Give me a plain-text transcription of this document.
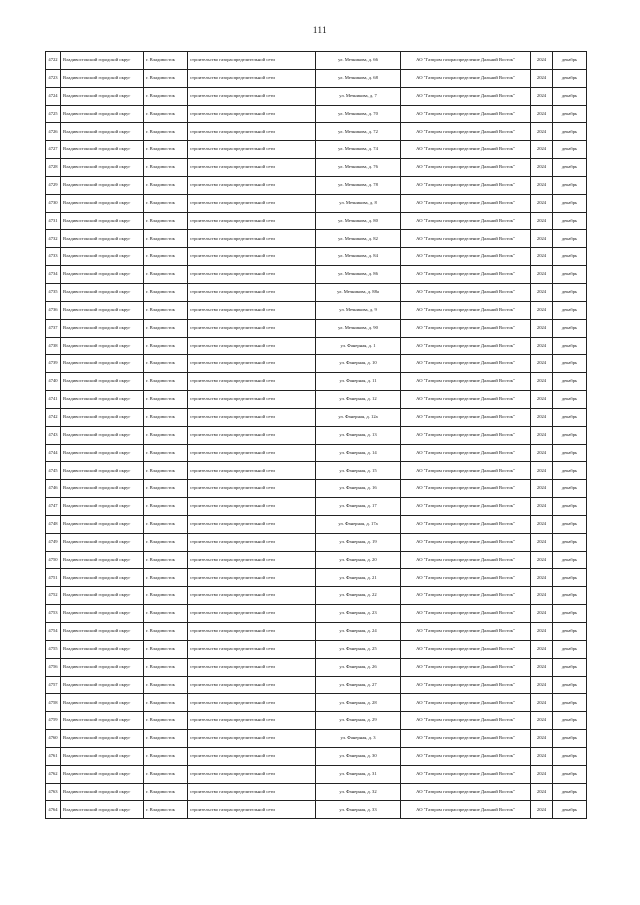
111
4722	Владивостокский городской округ	г. Владивосток	строительство газораспределительной сети	ул. Мечникова, д. 66	АО "Газпром газораспределение Дальний Восток"	2024	декабрь
4723	Владивостокский городской округ	г. Владивосток	строительство газораспределительной сети	ул. Мечникова, д. 68	АО "Газпром газораспределение Дальний Восток"	2024	декабрь
4724	Владивостокский городской округ	г. Владивосток	строительство газораспределительной сети	ул. Мечникова, д. 7	АО "Газпром газораспределение Дальний Восток"	2024	декабрь
4725	Владивостокский городской округ	г. Владивосток	строительство газораспределительной сети	ул. Мечникова, д. 70	АО "Газпром газораспределение Дальний Восток"	2024	декабрь
4726	Владивостокский городской округ	г. Владивосток	строительство газораспределительной сети	ул. Мечникова, д. 72	АО "Газпром газораспределение Дальний Восток"	2024	декабрь
4727	Владивостокский городской округ	г. Владивосток	строительство газораспределительной сети	ул. Мечникова, д. 74	АО "Газпром газораспределение Дальний Восток"	2024	декабрь
4728	Владивостокский городской округ	г. Владивосток	строительство газораспределительной сети	ул. Мечникова, д. 76	АО "Газпром газораспределение Дальний Восток"	2024	декабрь
4729	Владивостокский городской округ	г. Владивосток	строительство газораспределительной сети	ул. Мечникова, д. 78	АО "Газпром газораспределение Дальний Восток"	2024	декабрь
4730	Владивостокский городской округ	г. Владивосток	строительство газораспределительной сети	ул. Мечникова, д. 8	АО "Газпром газораспределение Дальний Восток"	2024	декабрь
4731	Владивостокский городской округ	г. Владивосток	строительство газораспределительной сети	ул. Мечникова, д. 80	АО "Газпром газораспределение Дальний Восток"	2024	декабрь
4732	Владивостокский городской округ	г. Владивосток	строительство газораспределительной сети	ул. Мечникова, д. 82	АО "Газпром газораспределение Дальний Восток"	2024	декабрь
4733	Владивостокский городской округ	г. Владивосток	строительство газораспределительной сети	ул. Мечникова, д. 84	АО "Газпром газораспределение Дальний Восток"	2024	декабрь
4734	Владивостокский городской округ	г. Владивосток	строительство газораспределительной сети	ул. Мечникова, д. 86	АО "Газпром газораспределение Дальний Восток"	2024	декабрь
4735	Владивостокский городской округ	г. Владивосток	строительство газораспределительной сети	ул. Мечникова, д. 88а	АО "Газпром газораспределение Дальний Восток"	2024	декабрь
4736	Владивостокский городской округ	г. Владивосток	строительство газораспределительной сети	ул. Мечникова, д. 9	АО "Газпром газораспределение Дальний Восток"	2024	декабрь
4737	Владивостокский городской округ	г. Владивосток	строительство газораспределительной сети	ул. Мечникова, д. 90	АО "Газпром газораспределение Дальний Восток"	2024	декабрь
4738	Владивостокский городской округ	г. Владивосток	строительство газораспределительной сети	ул. Фанерная, д. 1	АО "Газпром газораспределение Дальний Восток"	2024	декабрь
4739	Владивостокский городской округ	г. Владивосток	строительство газораспределительной сети	ул. Фанерная, д. 10	АО "Газпром газораспределение Дальний Восток"	2024	декабрь
4740	Владивостокский городской округ	г. Владивосток	строительство газораспределительной сети	ул. Фанерная, д. 11	АО "Газпром газораспределение Дальний Восток"	2024	декабрь
4741	Владивостокский городской округ	г. Владивосток	строительство газораспределительной сети	ул. Фанерная, д. 12	АО "Газпром газораспределение Дальний Восток"	2024	декабрь
4742	Владивостокский городской округ	г. Владивосток	строительство газораспределительной сети	ул. Фанерная, д. 12а	АО "Газпром газораспределение Дальний Восток"	2024	декабрь
4743	Владивостокский городской округ	г. Владивосток	строительство газораспределительной сети	ул. Фанерная, д. 13	АО "Газпром газораспределение Дальний Восток"	2024	декабрь
4744	Владивостокский городской округ	г. Владивосток	строительство газораспределительной сети	ул. Фанерная, д. 14	АО "Газпром газораспределение Дальний Восток"	2024	декабрь
4745	Владивостокский городской округ	г. Владивосток	строительство газораспределительной сети	ул. Фанерная, д. 15	АО "Газпром газораспределение Дальний Восток"	2024	декабрь
4746	Владивостокский городской округ	г. Владивосток	строительство газораспределительной сети	ул. Фанерная, д. 16	АО "Газпром газораспределение Дальний Восток"	2024	декабрь
4747	Владивостокский городской округ	г. Владивосток	строительство газораспределительной сети	ул. Фанерная, д. 17	АО "Газпром газораспределение Дальний Восток"	2024	декабрь
4748	Владивостокский городской округ	г. Владивосток	строительство газораспределительной сети	ул. Фанерная, д. 17а	АО "Газпром газораспределение Дальний Восток"	2024	декабрь
4749	Владивостокский городской округ	г. Владивосток	строительство газораспределительной сети	ул. Фанерная, д. 19	АО "Газпром газораспределение Дальний Восток"	2024	декабрь
4750	Владивостокский городской округ	г. Владивосток	строительство газораспределительной сети	ул. Фанерная, д. 20	АО "Газпром газораспределение Дальний Восток"	2024	декабрь
4751	Владивостокский городской округ	г. Владивосток	строительство газораспределительной сети	ул. Фанерная, д. 21	АО "Газпром газораспределение Дальний Восток"	2024	декабрь
4752	Владивостокский городской округ	г. Владивосток	строительство газораспределительной сети	ул. Фанерная, д. 22	АО "Газпром газораспределение Дальний Восток"	2024	декабрь
4753	Владивостокский городской округ	г. Владивосток	строительство газораспределительной сети	ул. Фанерная, д. 23	АО "Газпром газораспределение Дальний Восток"	2024	декабрь
4754	Владивостокский городской округ	г. Владивосток	строительство газораспределительной сети	ул. Фанерная, д. 24	АО "Газпром газораспределение Дальний Восток"	2024	декабрь
4755	Владивостокский городской округ	г. Владивосток	строительство газораспределительной сети	ул. Фанерная, д. 25	АО "Газпром газораспределение Дальний Восток"	2024	декабрь
4756	Владивостокский городской округ	г. Владивосток	строительство газораспределительной сети	ул. Фанерная, д. 26	АО "Газпром газораспределение Дальний Восток"	2024	декабрь
4757	Владивостокский городской округ	г. Владивосток	строительство газораспределительной сети	ул. Фанерная, д. 27	АО "Газпром газораспределение Дальний Восток"	2024	декабрь
4758	Владивостокский городской округ	г. Владивосток	строительство газораспределительной сети	ул. Фанерная, д. 28	АО "Газпром газораспределение Дальний Восток"	2024	декабрь
4759	Владивостокский городской округ	г. Владивосток	строительство газораспределительной сети	ул. Фанерная, д. 29	АО "Газпром газораспределение Дальний Восток"	2024	декабрь
4760	Владивостокский городской округ	г. Владивосток	строительство газораспределительной сети	ул. Фанерная, д. 3	АО "Газпром газораспределение Дальний Восток"	2024	декабрь
4761	Владивостокский городской округ	г. Владивосток	строительство газораспределительной сети	ул. Фанерная, д. 30	АО "Газпром газораспределение Дальний Восток"	2024	декабрь
4762	Владивостокский городской округ	г. Владивосток	строительство газораспределительной сети	ул. Фанерная, д. 31	АО "Газпром газораспределение Дальний Восток"	2024	декабрь
4763	Владивостокский городской округ	г. Владивосток	строительство газораспределительной сети	ул. Фанерная, д. 32	АО "Газпром газораспределение Дальний Восток"	2024	декабрь
4764	Владивостокский городской округ	г. Владивосток	строительство газораспределительной сети	ул. Фанерная, д. 33	АО "Газпром газораспределение Дальний Восток"	2024	декабрь
